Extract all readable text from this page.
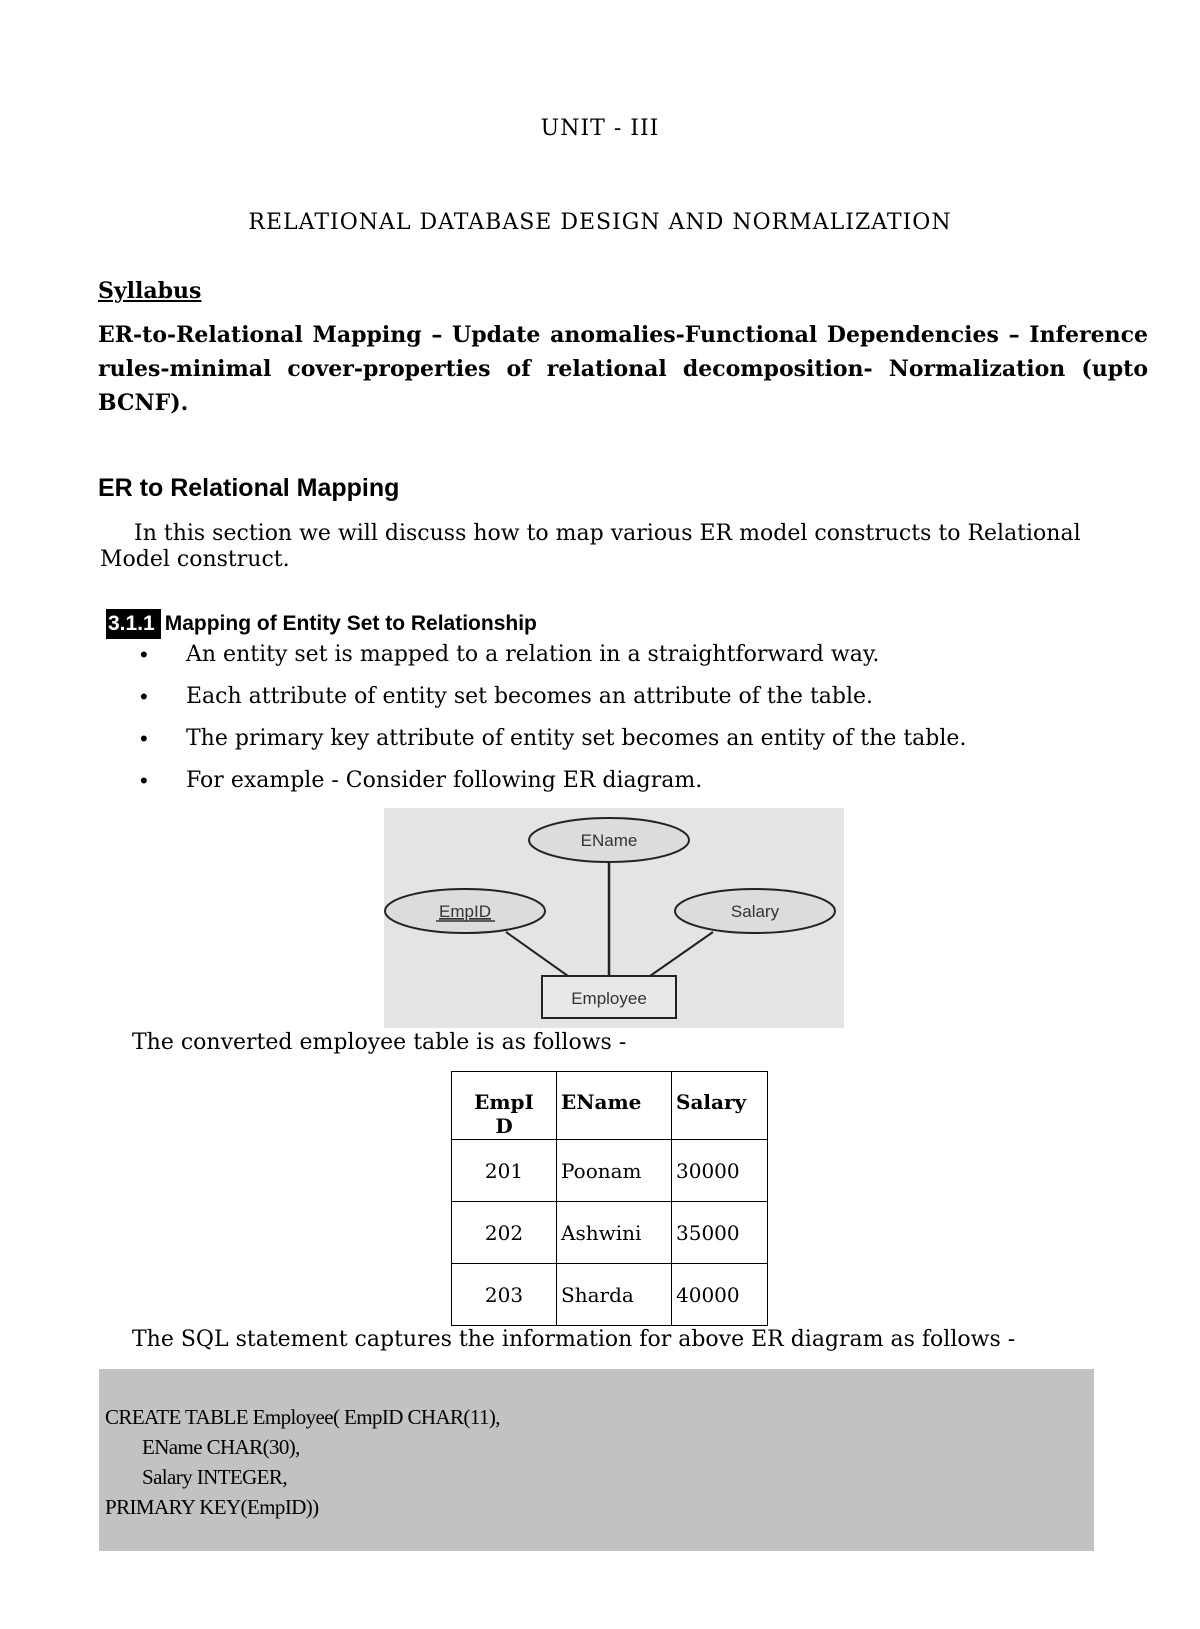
UNIT - III
RELATIONAL DATABASE DESIGN AND NORMALIZATION
Syllabus
ER-to-Relational Mapping – Update anomalies-Functional Dependencies – Inference rules-minimal cover-properties of relational decomposition- Normalization (upto BCNF).
ER to Relational Mapping
In this section we will discuss how to map various ER model constructs to Relational Model construct.
3.1.1 Mapping of Entity Set to Relationship
• An entity set is mapped to a relation in a straightforward way.
• Each attribute of entity set becomes an attribute of the table.
• The primary key attribute of entity set becomes an entity of the table.
• For example - Consider following ER diagram.
EName
EmpID	Salary
Employee
The converted employee table is as follows -
EmpI
D	EName	Salary
201	Poonam	30000
202	Ashwini	35000
203	Sharda	40000
The SQL statement captures the information for above ER diagram as follows -
CREATE TABLE Employee( EmpID CHAR(11),
EName CHAR(30),
Salary INTEGER,
PRIMARY KEY(EmpID))
